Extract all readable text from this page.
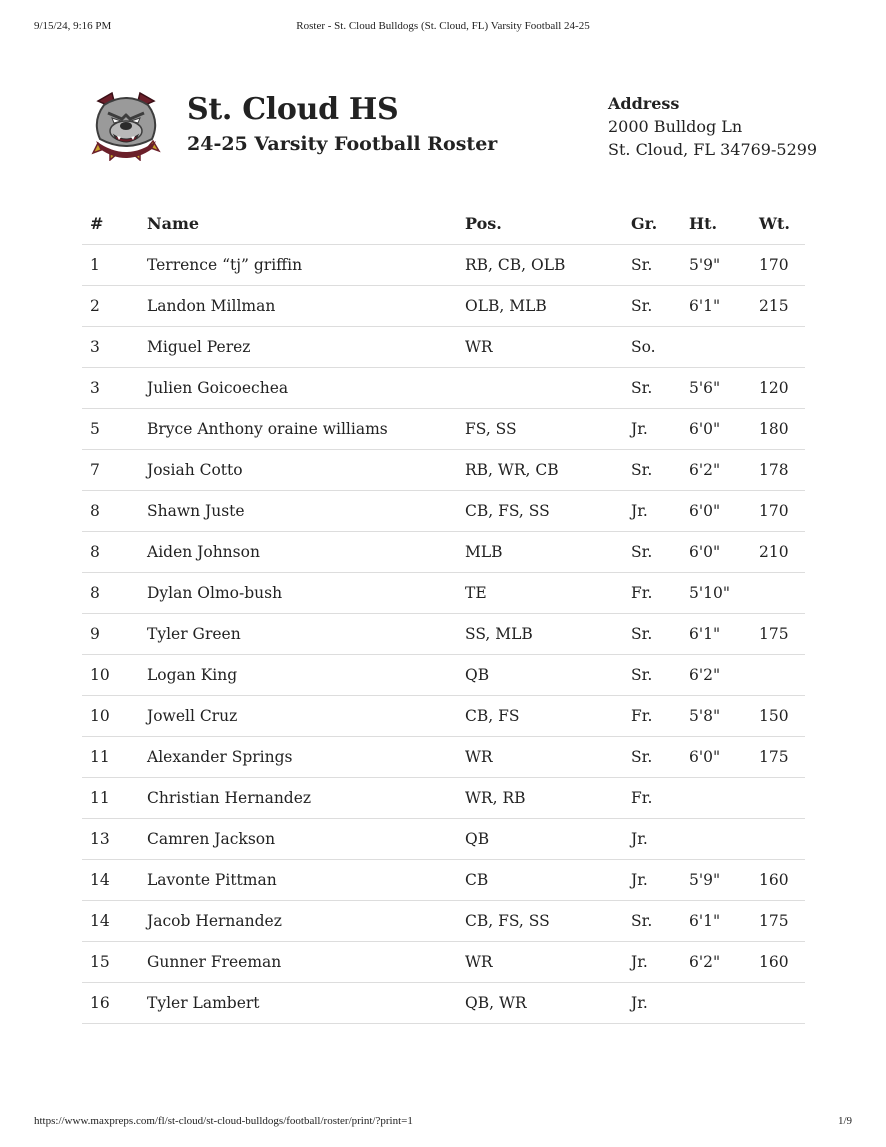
9/15/24, 9:16 PM	Roster - St. Cloud Bulldogs (St. Cloud, FL) Varsity Football 24-25
St. Cloud HS
24-25 Varsity Football Roster
Address
2000 Bulldog Ln
St. Cloud, FL 34769-5299
#	Name	Pos.	Gr.	Ht.	Wt.
1	Terrence “tj” griffin	RB, CB, OLB	Sr.	5'9"	170
2	Landon Millman	OLB, MLB	Sr.	6'1"	215
3	Miguel Perez	WR	So.		
3	Julien Goicoechea		Sr.	5'6"	120
5	Bryce Anthony oraine williams	FS, SS	Jr.	6'0"	180
7	Josiah Cotto	RB, WR, CB	Sr.	6'2"	178
8	Shawn Juste	CB, FS, SS	Jr.	6'0"	170
8	Aiden Johnson	MLB	Sr.	6'0"	210
8	Dylan Olmo-bush	TE	Fr.	5'10"	
9	Tyler Green	SS, MLB	Sr.	6'1"	175
10	Logan King	QB	Sr.	6'2"	
10	Jowell Cruz	CB, FS	Fr.	5'8"	150
11	Alexander Springs	WR	Sr.	6'0"	175
11	Christian Hernandez	WR, RB	Fr.		
13	Camren Jackson	QB	Jr.		
14	Lavonte Pittman	CB	Jr.	5'9"	160
14	Jacob Hernandez	CB, FS, SS	Sr.	6'1"	175
15	Gunner Freeman	WR	Jr.	6'2"	160
16	Tyler Lambert	QB, WR	Jr.		
https://www.maxpreps.com/fl/st-cloud/st-cloud-bulldogs/football/roster/print/?print=1	1/9
